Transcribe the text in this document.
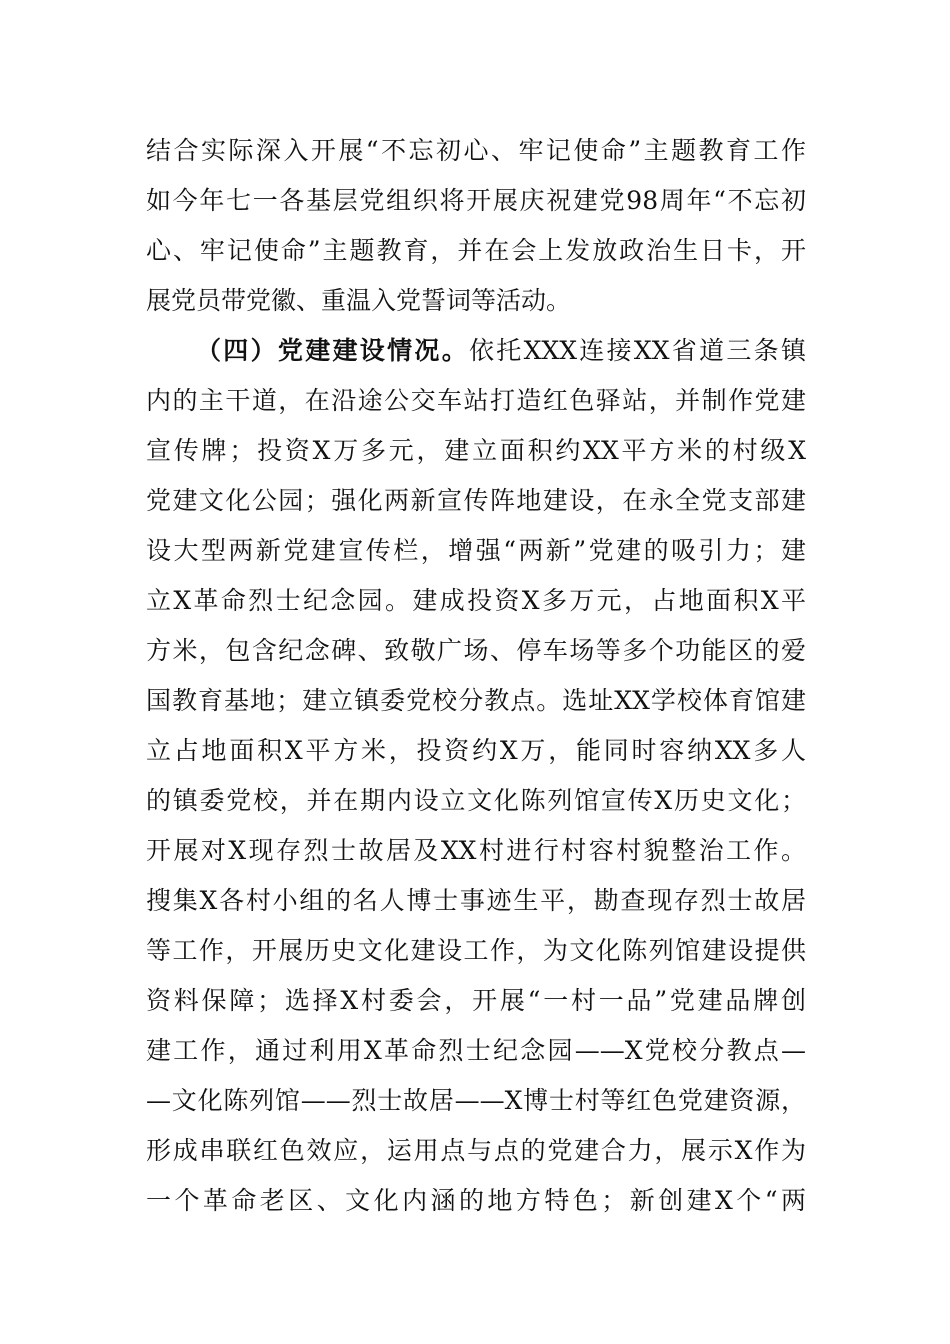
结合实际深入开展“不忘初心、牢记使命”主题教育工作
如今年七一各基层党组织将开展庆祝建党98周年“不忘初
心、牢记使命”主题教育，并在会上发放政治生日卡，开
展党员带党徽、重温入党誓词等活动。
（四）党建建设情况。依托XXX连接XX省道三条镇
内的主干道，在沿途公交车站打造红色驿站，并制作党建
宣传牌；投资X万多元，建立面积约XX平方米的村级X
党建文化公园；强化两新宣传阵地建设，在永全党支部建
设大型两新党建宣传栏，增强“两新”党建的吸引力；建
立X革命烈士纪念园。建成投资X多万元，占地面积X平
方米，包含纪念碑、致敬广场、停车场等多个功能区的爱
国教育基地；建立镇委党校分教点。选址XX学校体育馆建
立占地面积X平方米，投资约X万，能同时容纳XX多人
的镇委党校，并在期内设立文化陈列馆宣传X历史文化；
开展对X现存烈士故居及XX村进行村容村貌整治工作。
搜集X各村小组的名人博士事迹生平，勘查现存烈士故居
等工作，开展历史文化建设工作，为文化陈列馆建设提供
资料保障；选择X村委会，开展“一村一品”党建品牌创
建工作，通过利用X革命烈士纪念园——X党校分教点—
—文化陈列馆——烈士故居——X博士村等红色党建资源，
形成串联红色效应，运用点与点的党建合力，展示X作为
一个革命老区、文化内涵的地方特色；新创建X个“两
